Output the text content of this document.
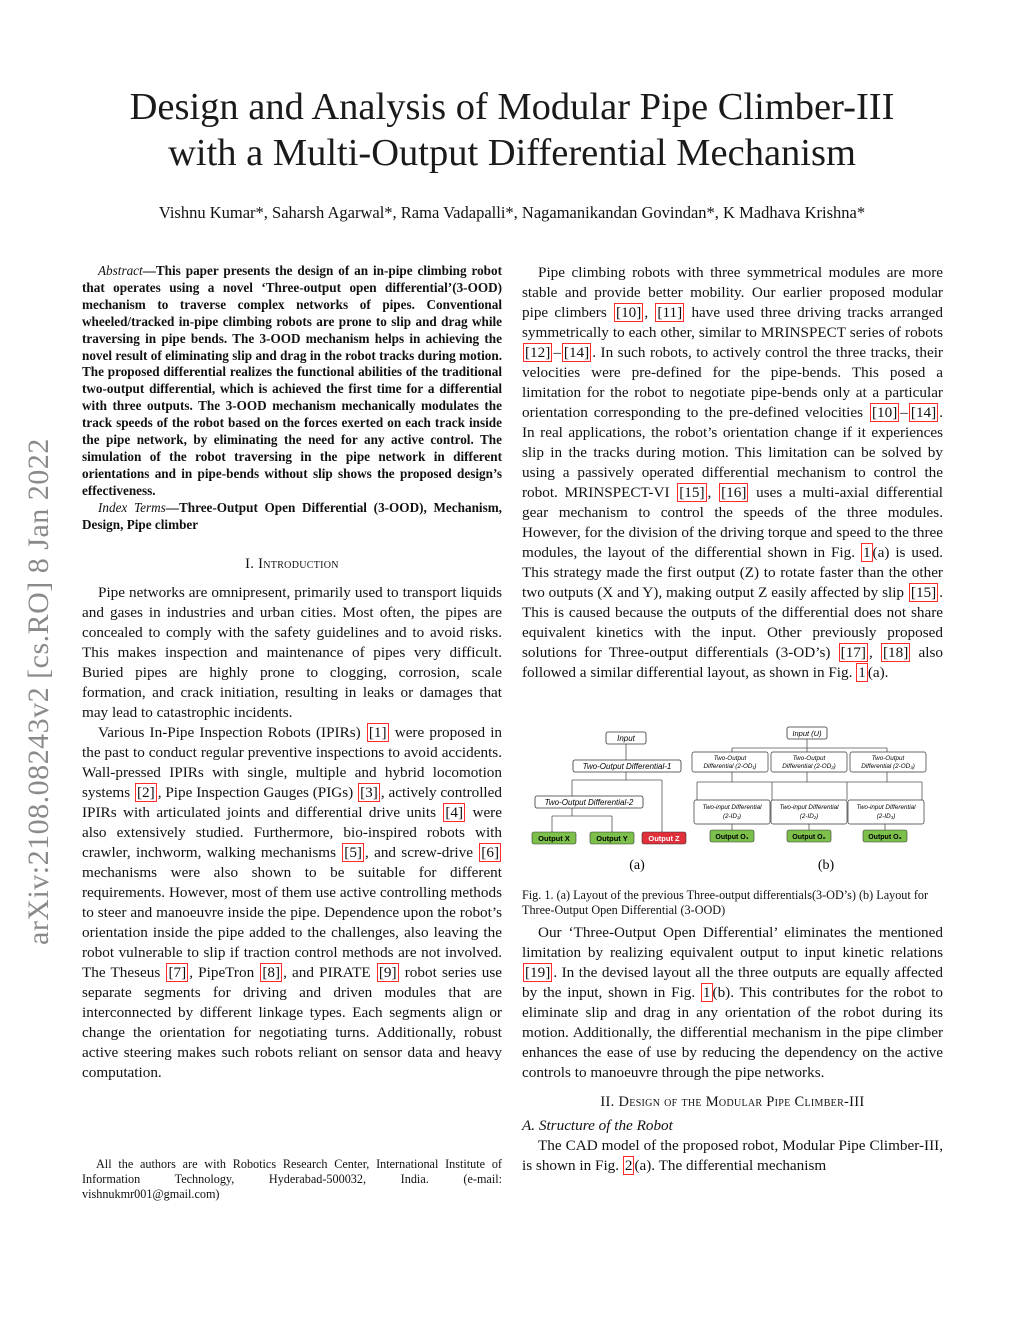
Design and Analysis of Modular Pipe Climber-III
with a Multi-Output Differential Mechanism
Vishnu Kumar*, Saharsh Agarwal*, Rama Vadapalli*, Nagamanikandan Govindan*, K Madhava Krishna*
arXiv:2108.08243v2 [cs.RO] 8 Jan 2022

Abstract—This paper presents the design of an in-pipe climbing robot that operates using a novel ‘Three-output open differential’(3-OOD) mechanism to traverse complex networks of pipes. Conventional wheeled/tracked in-pipe climbing robots are prone to slip and drag while traversing in pipe bends. The 3-OOD mechanism helps in achieving the novel result of eliminating slip and drag in the robot tracks during motion. The proposed differential realizes the functional abilities of the traditional two-output differential, which is achieved the first time for a differential with three outputs. The 3-OOD mechanism mechanically modulates the track speeds of the robot based on the forces exerted on each track inside the pipe network, by eliminating the need for any active control. The simulation of the robot traversing in the pipe network in different orientations and in pipe-bends without slip shows the proposed design’s effectiveness.

Index Terms—Three-Output Open Differential (3-OOD), Mechanism, Design, Pipe climber

I. Introduction

Pipe networks are omnipresent, primarily used to transport liquids and gases in industries and urban cities. Most often, the pipes are concealed to comply with the safety guidelines and to avoid risks. This makes inspection and maintenance of pipes very difficult. Buried pipes are highly prone to clogging, corrosion, scale formation, and crack initiation, resulting in leaks or damages that may lead to catastrophic incidents.

Various In-Pipe Inspection Robots (IPIRs) [1] were proposed in the past to conduct regular preventive inspections to avoid accidents. Wall-pressed IPIRs with single, multiple and hybrid locomotion systems [2] , Pipe Inspection Gauges (PIGs) [3] , actively controlled IPIRs with articulated joints and differential drive units [4] were also extensively studied. Furthermore, bio-inspired robots with crawler, inchworm, walking mechanisms [5] , and screw-drive [6] mechanisms were also shown to be suitable for different requirements. However, most of them use active controlling methods to steer and manoeuvre inside the pipe. Dependence upon the robot’s orientation inside the pipe added to the challenges, also leaving the robot vulnerable to slip if traction control methods are not involved. The Theseus [7] , PipeTron [8] , and PIRATE [9] robot series use separate segments for driving and driven modules that are interconnected by different linkage types. Each segments align or change the orientation for negotiating turns. Additionally, robust active steering makes such robots reliant on sensor data and heavy computation.

All the authors are with Robotics Research Center, International Institute of Information Technology, Hyderabad-500032, India. (e-mail: vishnukmr001@gmail.com)

Pipe climbing robots with three symmetrical modules are more stable and provide better mobility. Our earlier proposed modular pipe climbers [10] , [11] have used three driving tracks arranged symmetrically to each other, similar to MRINSPECT series of robots [12] – [14] . In such robots, to actively control the three tracks, their velocities were pre-defined for the pipe-bends. This posed a limitation for the robot to negotiate pipe-bends only at a particular orientation corresponding to the pre-defined velocities [10] – [14] . In real applications, the robot’s orientation change if it experiences slip in the tracks during motion. This limitation can be solved by using a passively operated differential mechanism to control the robot. MRINSPECT-VI [15] , [16] uses a multi-axial differential gear mechanism to control the speeds of the three modules. However, for the division of the driving torque and speed to the three modules, the layout of the differential shown in Fig. 1 (a) is used. This strategy made the first output (Z) to rotate faster than the other two outputs (X and Y), making output Z easily affected by slip [15] . This is caused because the outputs of the differential does not share equivalent kinetics with the input. Other previously proposed solutions for Three-output differentials (3-OD’s) [17] , [18] also followed a similar differential layout, as shown in Fig. 1 (a).

Input
Two-Output Differential-1
Two-Output Differential-2
Output X	Output Y	Output Z
Input (U)
Two-Output
Differential (2-OD₁)
Two-Output
Differential (2-OD₂)
Two-Output
Differential (2-OD₃)
Two-input Differential
(2-ID₁)
Two-input Differential
(2-ID₂)
Two-input Differential
(2-ID₃)
Output O₁	Output O₂	Output O₃
(a)	(b)
Fig. 1. (a) Layout of the previous Three-output differentials(3-OD’s) (b) Layout for Three-Output Open Differential (3-OOD)

Our ‘Three-Output Open Differential’ eliminates the mentioned limitation by realizing equivalent output to input kinetic relations [19] . In the devised layout all the three outputs are equally affected by the input, shown in Fig. 1 (b). This contributes for the robot to eliminate slip and drag in any orientation of the robot during its motion. Additionally, the differential mechanism in the pipe climber enhances the ease of use by reducing the dependency on the active controls to manoeuvre through the pipe networks.

II. Design of the Modular Pipe Climber-III

A. Structure of the Robot

The CAD model of the proposed robot, Modular Pipe Climber-III, is shown in Fig. 2 (a). The differential mechanism
